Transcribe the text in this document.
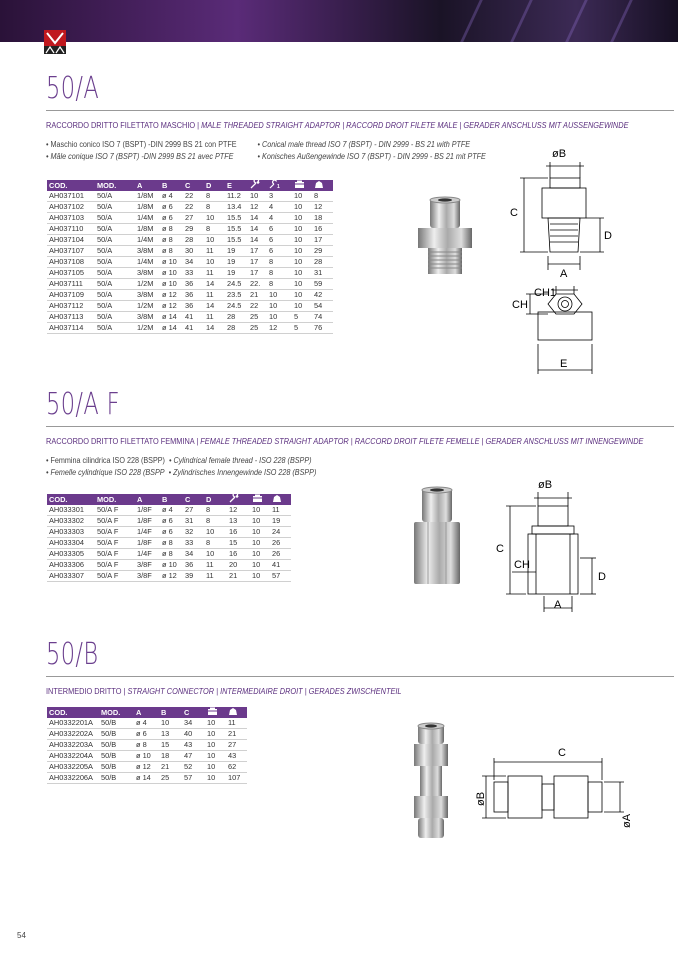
50/A
RACCORDO DRITTO FILETTATO MASCHIO | MALE THREADED STRAIGHT ADAPTOR | RACCORD DROIT FILETE MALE | GERADER ANSCHLUSS MIT AUSSENGEWINDE
• Maschio conico ISO 7 (BSPT) -DIN 2999 BS 21 con PTFE	• Conical male thread ISO 7 (BSPT) - DIN 2999 - BS 21 with PTFE
• Mâle conique ISO 7 (BSPT) -DIN 2999 BS 21 avec PTFE	• Konisches Außengewinde ISO 7 (BSPT) - DIN 2999 - BS 21 mit PTFE
COD.	MOD.	A	B	C	D	E		1

AH037101	50/A	1/8M	ø 4	22	8	11.2	10	3	10	8
AH037102	50/A	1/8M	ø 6	22	8	13.4	12	4	10	12
AH037103	50/A	1/4M	ø 6	27	10	15.5	14	4	10	18
AH037110	50/A	1/8M	ø 8	29	8	15.5	14	6	10	16
AH037104	50/A	1/4M	ø 8	28	10	15.5	14	6	10	17
AH037107	50/A	3/8M	ø 8	30	11	19	17	6	10	29
AH037108	50/A	1/4M	ø 10	34	10	19	17	8	10	28
AH037105	50/A	3/8M	ø 10	33	11	19	17	8	10	31
AH037111	50/A	1/2M	ø 10	36	14	24.5	22.	8	10	59
AH037109	50/A	3/8M	ø 12	36	11	23.5	21	10	10	42
AH037112	50/A	1/2M	ø 12	36	14	24.5	22	10	10	54
AH037113	50/A	3/8M	ø 14	41	11	28	25	10	5	74
AH037114	50/A	1/2M	ø 14	41	14	28	25	12	5	76
øB
C
D
A
CH1
CH
E
50/A F
RACCORDO DRITTO FILETTATO FEMMINA | FEMALE THREADED STRAIGHT ADAPTOR | RACCORD DROIT FILETE FEMELLE | GERADER ANSCHLUSS MIT INNENGEWINDE
• Femmina cilindrica ISO 228 (BSPP) • Cylindrical female thread - ISO 228 (BSPP)
• Femelle cylindrique ISO 228 (BSPP • Zylindrisches Innengewinde ISO 228 (BSPP)
COD.	MOD.	A	B	C	D			
AH033301	50/A F	1/8F	ø 4	27	8	12	10	11
AH033302	50/A F	1/8F	ø 6	31	8	13	10	19
AH033303	50/A F	1/4F	ø 6	32	10	16	10	24
AH033304	50/A F	1/8F	ø 8	33	8	15	10	26
AH033305	50/A F	1/4F	ø 8	34	10	16	10	26
AH033306	50/A F	3/8F	ø 10	36	11	20	10	41
AH033307	50/A F	3/8F	ø 12	39	11	21	10	57
øB
C
CH
D
A
50/B
INTERMEDIO DRITTO | STRAIGHT CONNECTOR | INTERMEDIAIRE DROIT | GERADES ZWISCHENTEIL
COD.	MOD.	A	B	C		
AH0332201A	50/B	ø 4	10	34	10	11
AH0332202A	50/B	ø 6	13	40	10	21
AH0332203A	50/B	ø 8	15	43	10	27
AH0332204A	50/B	ø 10	18	47	10	43
AH0332205A	50/B	ø 12	21	52	10	62
AH0332206A	50/B	ø 14	25	57	10	107
C
øB
øA
54
